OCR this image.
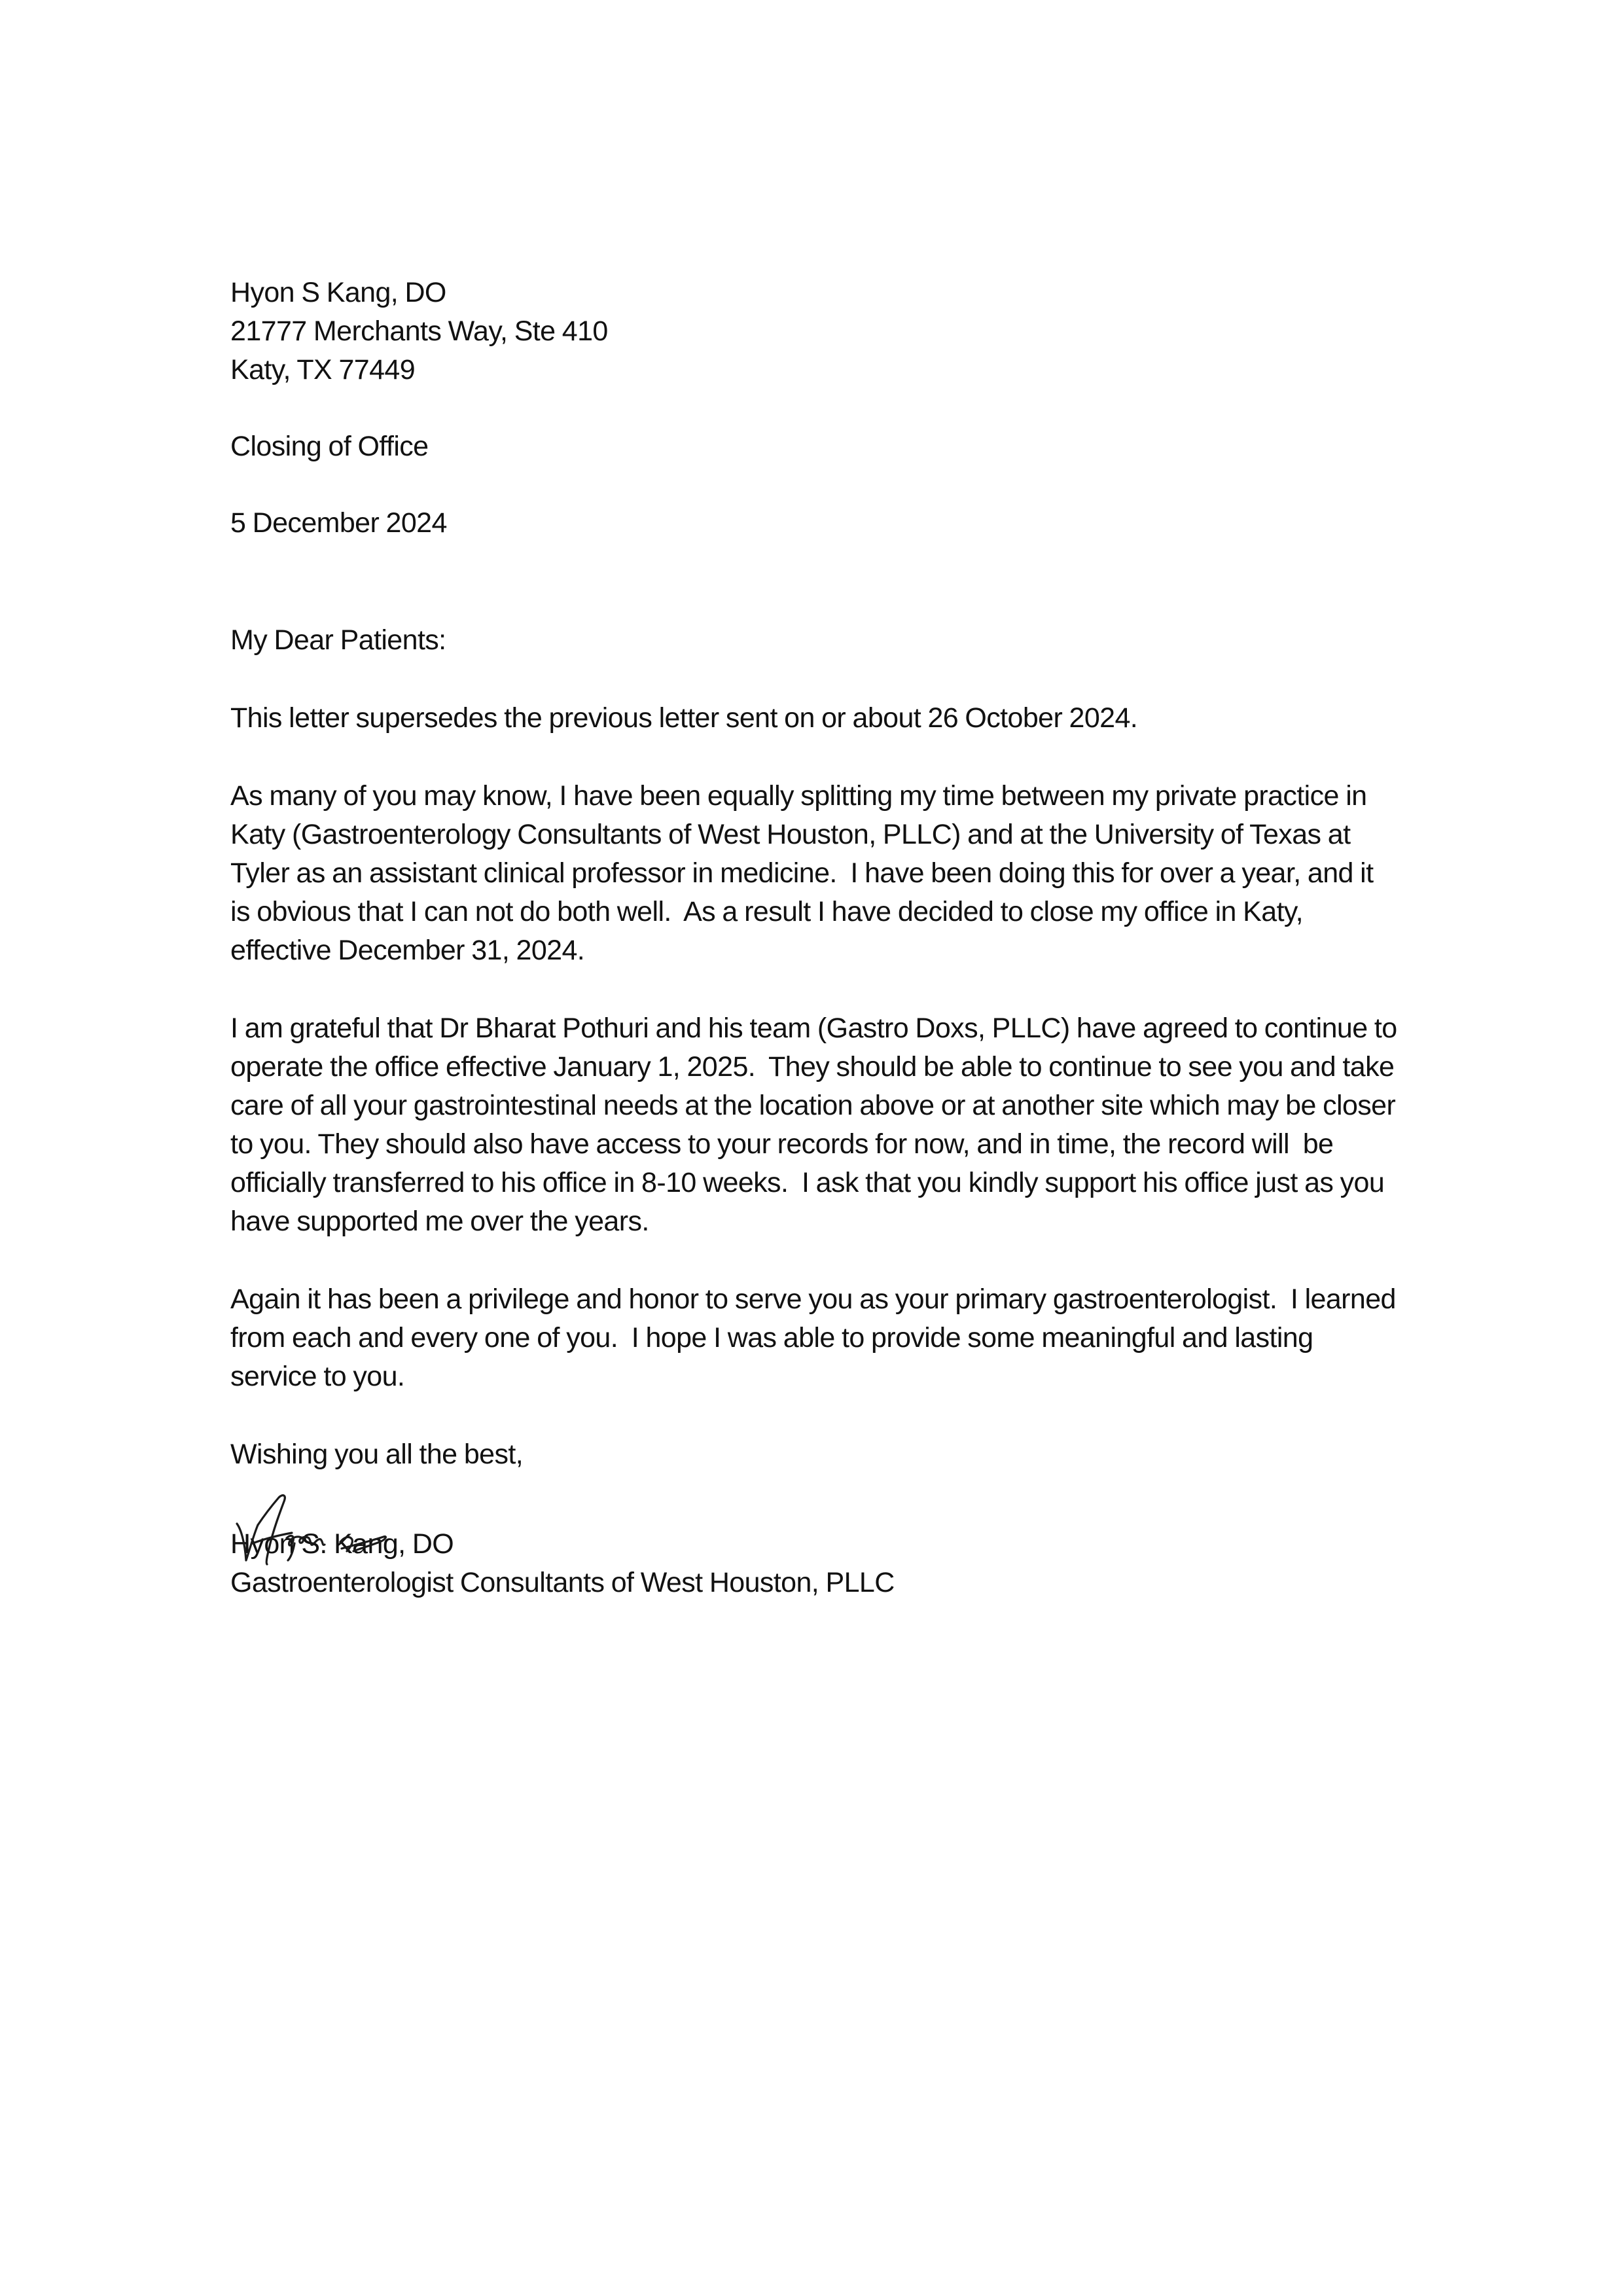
Hyon S Kang, DO
21777 Merchants Way, Ste 410
Katy, TX 77449
Closing of Office
5 December 2024
My Dear Patients:
This letter supersedes the previous letter sent on or about 26 October 2024.
As many of you may know, I have been equally splitting my time between my private practice in
Katy (Gastroenterology Consultants of West Houston, PLLC) and at the University of Texas at
Tyler as an assistant clinical professor in medicine.  I have been doing this for over a year, and it
is obvious that I can not do both well.  As a result I have decided to close my office in Katy,
effective December 31, 2024.
I am grateful that Dr Bharat Pothuri and his team (Gastro Doxs, PLLC) have agreed to continue to
operate the office effective January 1, 2025.  They should be able to continue to see you and take
care of all your gastrointestinal needs at the location above or at another site which may be closer
to you. They should also have access to your records for now, and in time, the record will  be
officially transferred to his office in 8-10 weeks.  I ask that you kindly support his office just as you
have supported me over the years.
Again it has been a privilege and honor to serve you as your primary gastroenterologist.  I learned
from each and every one of you.  I hope I was able to provide some meaningful and lasting
service to you.
Wishing you all the best,
Hyon S. Kang, DO
Gastroenterologist Consultants of West Houston, PLLC
